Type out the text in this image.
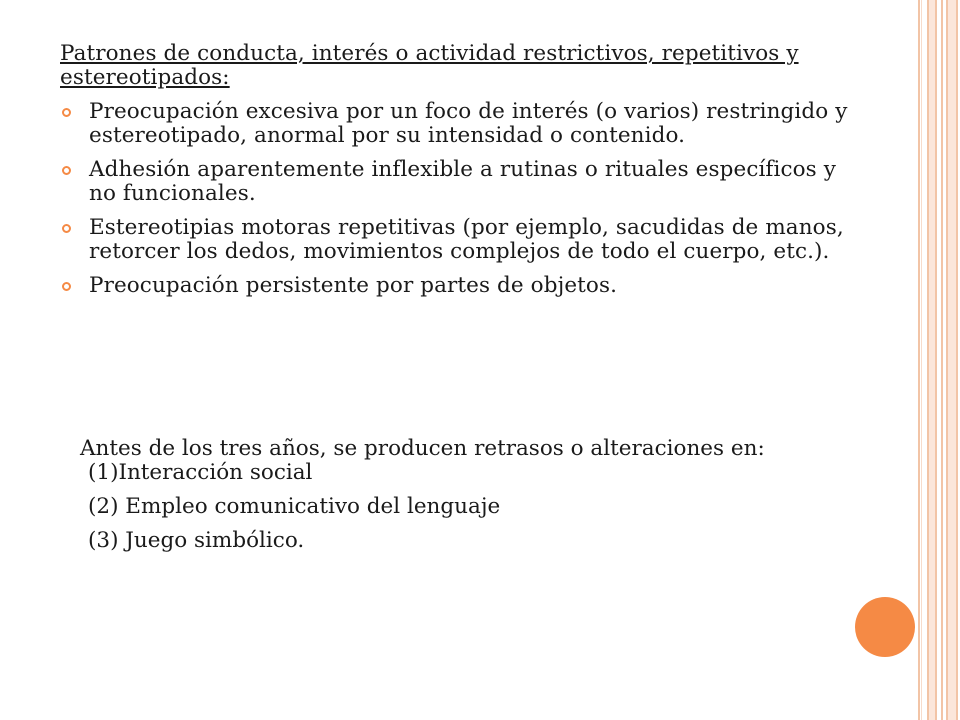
Patrones de conducta, interés o actividad restrictivos, repetitivos y estereotipados:
Preocupación excesiva por un foco de interés (o varios) restringido y estereotipado, anormal por su intensidad o contenido.
Adhesión aparentemente inflexible a rutinas o rituales específicos y no funcionales.
Estereotipias motoras repetitivas (por ejemplo, sacudidas de manos, retorcer los dedos, movimientos complejos de todo el cuerpo, etc.).
Preocupación persistente por partes de objetos.
Antes de los tres años, se producen retrasos o alteraciones en:
(1)Interacción social
(2) Empleo comunicativo del lenguaje
(3) Juego simbólico.
